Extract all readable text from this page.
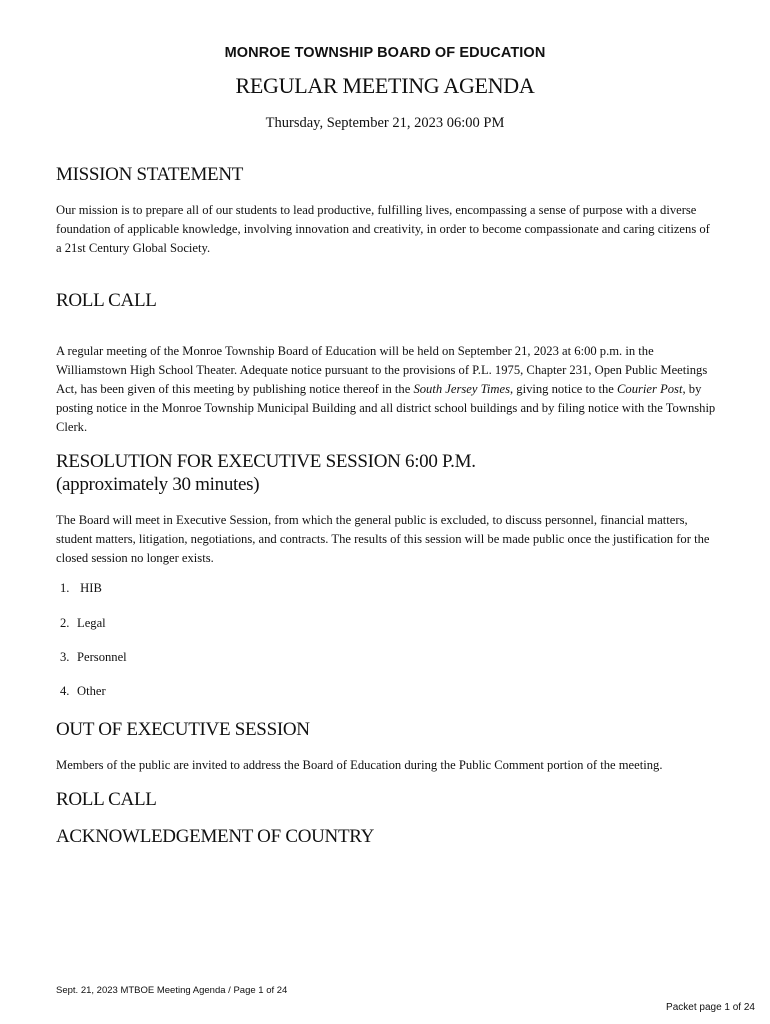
MONROE TOWNSHIP BOARD OF EDUCATION
REGULAR MEETING AGENDA
Thursday, September 21, 2023 06:00 PM
MISSION STATEMENT

Our mission is to prepare all of our students to lead productive, fulfilling lives, encompassing a sense of purpose with a diverse foundation of applicable knowledge, involving innovation and creativity, in order to become compassionate and caring citizens of a 21st Century Global Society.

ROLL CALL

A regular meeting of the Monroe Township Board of Education will be held on September 21, 2023 at 6:00 p.m. in the Williamstown High School Theater. Adequate notice pursuant to the provisions of P.L. 1975, Chapter 231, Open Public Meetings Act, has been given of this meeting by publishing notice thereof in the South Jersey Times, giving notice to the Courier Post, by posting notice in the Monroe Township Municipal Building and all district school buildings and by filing notice with the Township Clerk.

RESOLUTION FOR EXECUTIVE SESSION 6:00 P.M.
(approximately 30 minutes)

The Board will meet in Executive Session, from which the general public is excluded, to discuss personnel, financial matters, student matters, litigation, negotiations, and contracts. The results of this session will be made public once the justification for the closed session no longer exists.

1. HIB
2. Legal
3. Personnel
4. Other
OUT OF EXECUTIVE SESSION

Members of the public are invited to address the Board of Education during the Public Comment portion of the meeting.

ROLL CALL
ACKNOWLEDGEMENT OF COUNTRY
Sept. 21, 2023 MTBOE Meeting Agenda / Page 1 of 24
Packet page 1 of 24
